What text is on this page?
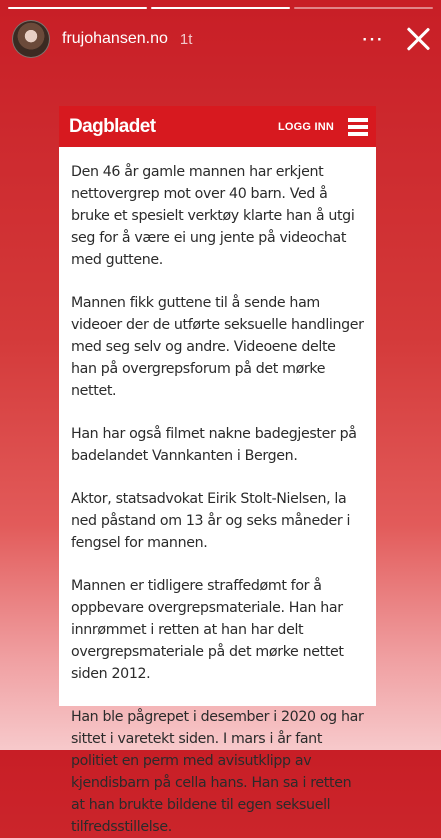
frujohansen.no 1t	⋯
Dagbladet	LOGG INN

Den 46 år gamle mannen har erkjent nettovergrep mot over 40 barn. Ved å bruke et spesielt verktøy klarte han å utgi seg for å være ei ung jente på videochat med guttene.

Mannen fikk guttene til å sende ham videoer der de utførte seksuelle handlinger med seg selv og andre. Videoene delte han på overgrepsforum på det mørke nettet.

Han har også filmet nakne badegjester på badelandet Vannkanten i Bergen.

Aktor, statsadvokat Eirik Stolt-Nielsen, la ned påstand om 13 år og seks måneder i fengsel for mannen.

Mannen er tidligere straffedømt for å oppbevare overgrepsmateriale. Han har innrømmet i retten at han har delt overgrepsmateriale på det mørke nettet siden 2012.

Han ble pågrepet i desember i 2020 og har sittet i varetekt siden. I mars i år fant politiet en perm med avisutklipp av kjendisbarn på cella hans. Han sa i retten at han brukte bildene til egen seksuell tilfredsstillelse.
